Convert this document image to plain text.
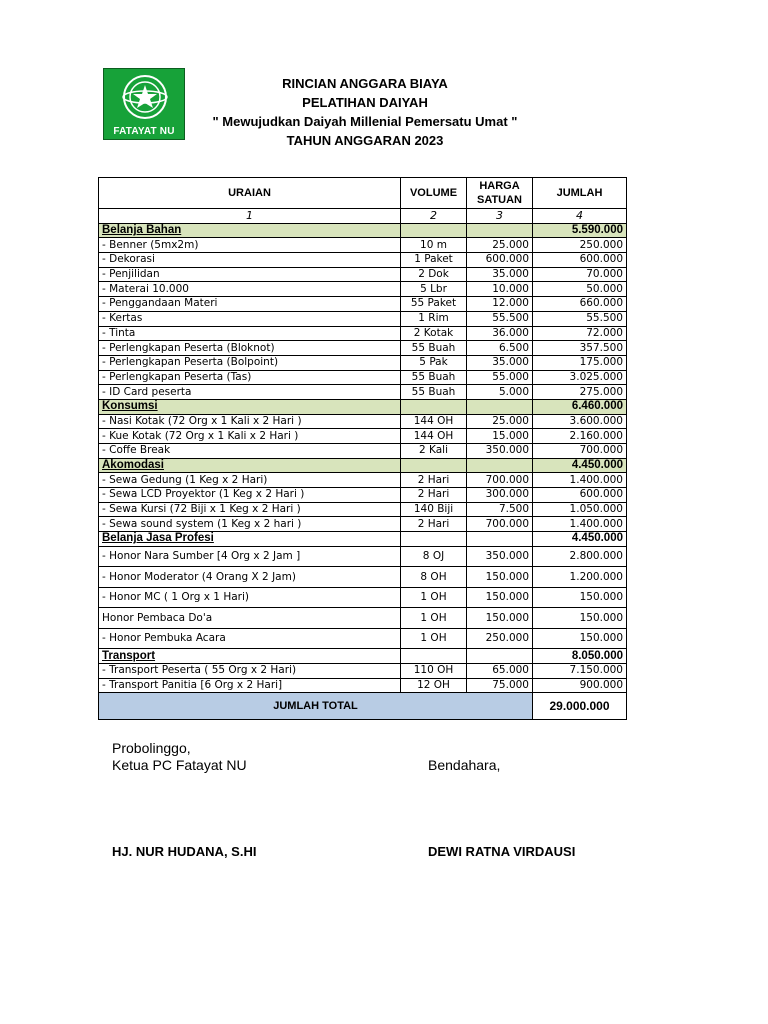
FATAYAT NU
RINCIAN ANGGARA BIAYA
PELATIHAN DAIYAH
" Mewujudkan Daiyah Millenial Pemersatu Umat "
TAHUN ANGGARAN 2023
URAIAN	VOLUME	HARGA SATUAN	JUMLAH
1	2	3	4
Belanja Bahan			5.590.000
- Benner (5mx2m)	10 m	25.000	250.000
- Dekorasi	1 Paket	600.000	600.000
- Penjilidan	2 Dok	35.000	70.000
- Materai 10.000	5 Lbr	10.000	50.000
- Penggandaan Materi	55 Paket	12.000	660.000
- Kertas	1 Rim	55.500	55.500
- Tinta	2 Kotak	36.000	72.000
- Perlengkapan Peserta (Bloknot)	55 Buah	6.500	357.500
- Perlengkapan Peserta (Bolpoint)	5 Pak	35.000	175.000
- Perlengkapan Peserta (Tas)	55 Buah	55.000	3.025.000
- ID Card peserta	55 Buah	5.000	275.000
Konsumsi			6.460.000
- Nasi Kotak (72 Org x 1 Kali x 2 Hari )	144 OH	25.000	3.600.000
- Kue Kotak (72 Org x 1 Kali x 2 Hari )	144 OH	15.000	2.160.000
- Coffe Break	2 Kali	350.000	700.000
Akomodasi			4.450.000
- Sewa Gedung (1 Keg x 2 Hari)	2 Hari	700.000	1.400.000
- Sewa LCD Proyektor (1 Keg x 2 Hari )	2 Hari	300.000	600.000
- Sewa Kursi (72 Biji x 1 Keg x 2 Hari )	140 Biji	7.500	1.050.000
- Sewa sound system (1 Keg x 2 hari )	2 Hari	700.000	1.400.000
Belanja Jasa Profesi			4.450.000
- Honor Nara Sumber [4 Org x 2 Jam ]	8 OJ	350.000	2.800.000
- Honor Moderator (4 Orang X 2 Jam)	8 OH	150.000	1.200.000
- Honor MC ( 1 Org x 1 Hari)	1 OH	150.000	150.000
Honor Pembaca Do'a	1 OH	150.000	150.000
- Honor Pembuka Acara	1 OH	250.000	150.000
Transport			8.050.000
- Transport Peserta ( 55 Org x 2 Hari)	110 OH	65.000	7.150.000
- Transport Panitia [6 Org x 2 Hari]	12 OH	75.000	900.000
JUMLAH TOTAL			29.000.000
Probolinggo,
Ketua PC Fatayat NU	Bendahara,
HJ. NUR HUDANA, S.HI	DEWI RATNA VIRDAUSI
